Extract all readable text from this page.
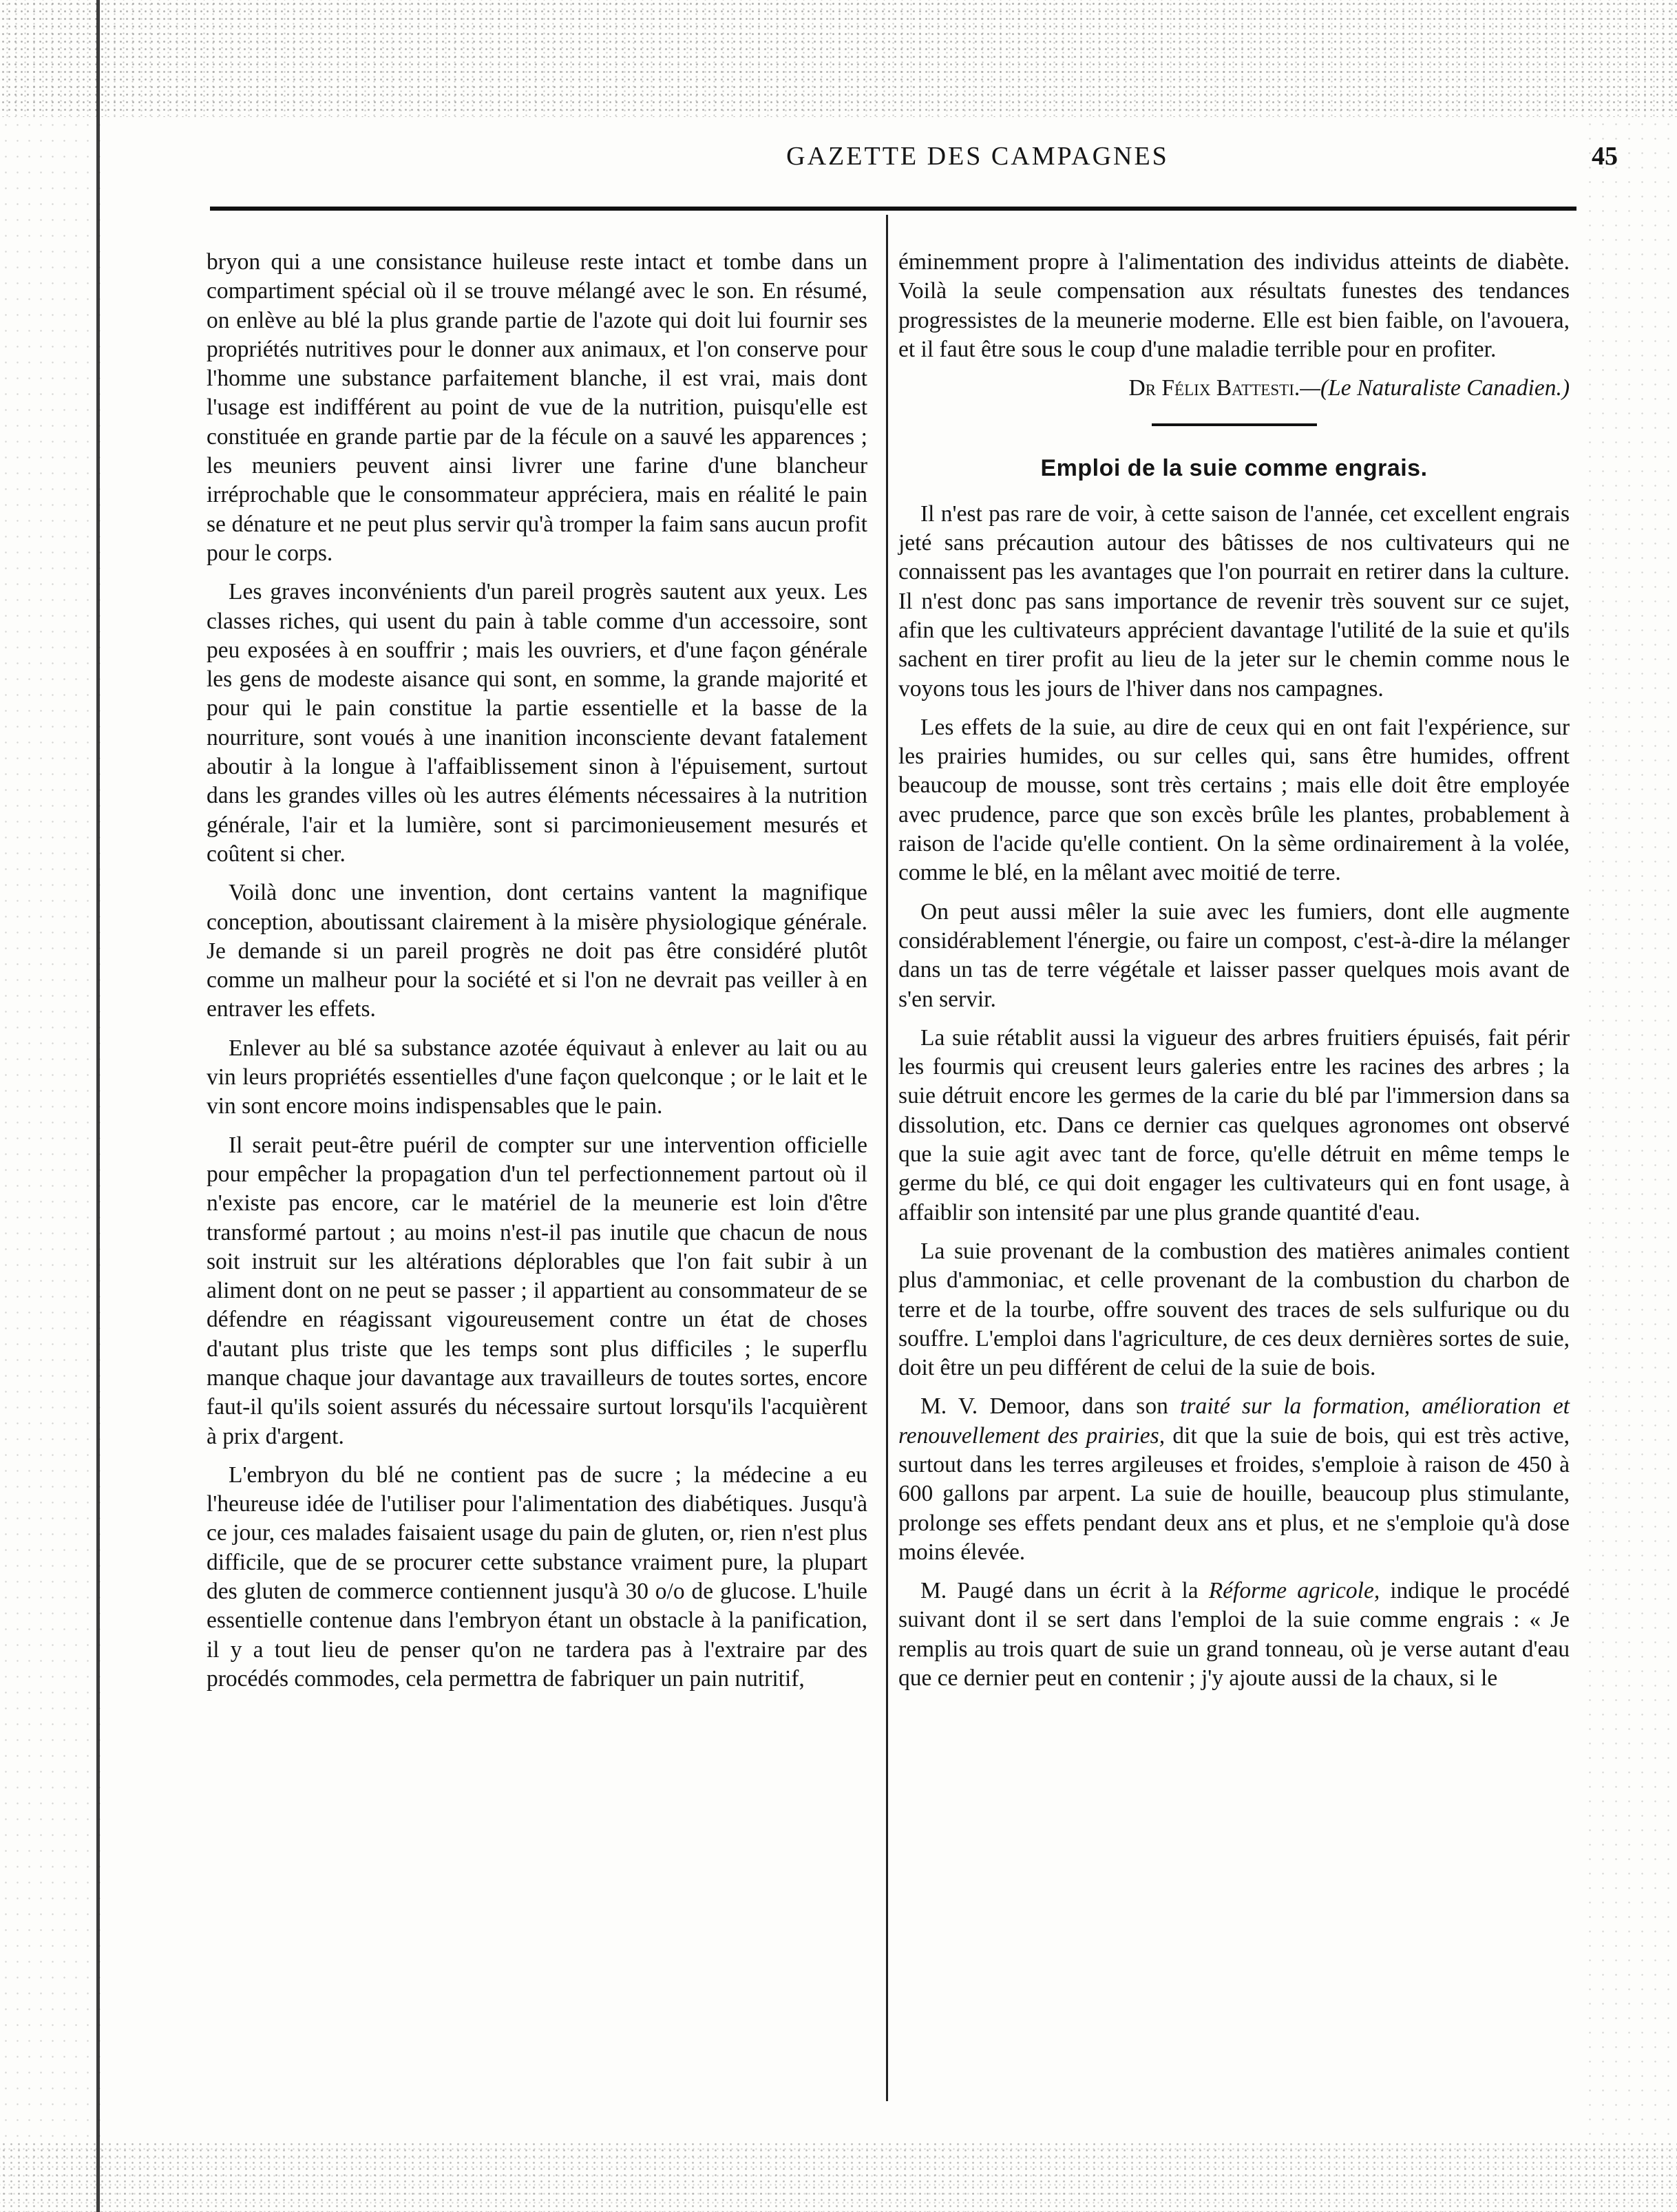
GAZETTE DES CAMPAGNES	45

bryon qui a une consistance huileuse reste intact et tombe dans un compartiment spécial où il se trouve mélangé avec le son. En résumé, on enlève au blé la plus grande partie de l'azote qui doit lui fournir ses propriétés nutritives pour le donner aux animaux, et l'on conserve pour l'homme une substance parfaitement blanche, il est vrai, mais dont l'usage est indifférent au point de vue de la nutrition, puisqu'elle est constituée en grande partie par de la fécule on a sauvé les apparences ; les meuniers peuvent ainsi livrer une farine d'une blancheur irréprochable que le consommateur appréciera, mais en réalité le pain se dénature et ne peut plus servir qu'à tromper la faim sans aucun profit pour le corps.

Les graves inconvénients d'un pareil progrès sautent aux yeux. Les classes riches, qui usent du pain à table comme d'un accessoire, sont peu exposées à en souffrir ; mais les ouvriers, et d'une façon générale les gens de modeste aisance qui sont, en somme, la grande majorité et pour qui le pain constitue la partie essentielle et la basse de la nourriture, sont voués à une inanition inconsciente devant fatalement aboutir à la longue à l'affaiblissement sinon à l'épuisement, surtout dans les grandes villes où les autres éléments nécessaires à la nutrition générale, l'air et la lumière, sont si parcimonieusement mesurés et coûtent si cher.

Voilà donc une invention, dont certains vantent la magnifique conception, aboutissant clairement à la misère physiologique générale. Je demande si un pareil progrès ne doit pas être considéré plutôt comme un malheur pour la société et si l'on ne devrait pas veiller à en entraver les effets.

Enlever au blé sa substance azotée équivaut à enlever au lait ou au vin leurs propriétés essentielles d'une façon quelconque ; or le lait et le vin sont encore moins indispensables que le pain.

Il serait peut-être puéril de compter sur une intervention officielle pour empêcher la propagation d'un tel perfectionnement partout où il n'existe pas encore, car le matériel de la meunerie est loin d'être transformé partout ; au moins n'est-il pas inutile que chacun de nous soit instruit sur les altérations déplorables que l'on fait subir à un aliment dont on ne peut se passer ; il appartient au consommateur de se défendre en réagissant vigoureusement contre un état de choses d'autant plus triste que les temps sont plus difficiles ; le superflu manque chaque jour davantage aux travailleurs de toutes sortes, encore faut-il qu'ils soient assurés du nécessaire surtout lorsqu'ils l'acquièrent à prix d'argent.

L'embryon du blé ne contient pas de sucre ; la médecine a eu l'heureuse idée de l'utiliser pour l'alimentation des diabétiques. Jusqu'à ce jour, ces malades faisaient usage du pain de gluten, or, rien n'est plus difficile, que de se procurer cette substance vraiment pure, la plupart des gluten de commerce contiennent jusqu'à 30 o/o de glucose. L'huile essentielle contenue dans l'embryon étant un obstacle à la panification, il y a tout lieu de penser qu'on ne tardera pas à l'extraire par des procédés commodes, cela permettra de fabriquer un pain nutritif,

éminemment propre à l'alimentation des individus atteints de diabète. Voilà la seule compensation aux résultats funestes des tendances progressistes de la meunerie moderne. Elle est bien faible, on l'avouera, et il faut être sous le coup d'une maladie terrible pour en profiter.

Dr Félix Battesti.—(Le Naturaliste Canadien.)
Emploi de la suie comme engrais.

Il n'est pas rare de voir, à cette saison de l'année, cet excellent engrais jeté sans précaution autour des bâtisses de nos cultivateurs qui ne connaissent pas les avantages que l'on pourrait en retirer dans la culture. Il n'est donc pas sans importance de revenir très souvent sur ce sujet, afin que les cultivateurs apprécient davantage l'utilité de la suie et qu'ils sachent en tirer profit au lieu de la jeter sur le chemin comme nous le voyons tous les jours de l'hiver dans nos campagnes.

Les effets de la suie, au dire de ceux qui en ont fait l'expérience, sur les prairies humides, ou sur celles qui, sans être humides, offrent beaucoup de mousse, sont très certains ; mais elle doit être employée avec prudence, parce que son excès brûle les plantes, probablement à raison de l'acide qu'elle contient. On la sème ordinairement à la volée, comme le blé, en la mêlant avec moitié de terre.

On peut aussi mêler la suie avec les fumiers, dont elle augmente considérablement l'énergie, ou faire un compost, c'est-à-dire la mélanger dans un tas de terre végétale et laisser passer quelques mois avant de s'en servir.

La suie rétablit aussi la vigueur des arbres fruitiers épuisés, fait périr les fourmis qui creusent leurs galeries entre les racines des arbres ; la suie détruit encore les germes de la carie du blé par l'immersion dans sa dissolution, etc. Dans ce dernier cas quelques agronomes ont observé que la suie agit avec tant de force, qu'elle détruit en même temps le germe du blé, ce qui doit engager les cultivateurs qui en font usage, à affaiblir son intensité par une plus grande quantité d'eau.

La suie provenant de la combustion des matières animales contient plus d'ammoniac, et celle provenant de la combustion du charbon de terre et de la tourbe, offre souvent des traces de sels sulfurique ou du souffre. L'emploi dans l'agriculture, de ces deux dernières sortes de suie, doit être un peu différent de celui de la suie de bois.

M. V. Demoor, dans son traité sur la formation, amélioration et renouvellement des prairies, dit que la suie de bois, qui est très active, surtout dans les terres argileuses et froides, s'emploie à raison de 450 à 600 gallons par arpent. La suie de houille, beaucoup plus stimulante, prolonge ses effets pendant deux ans et plus, et ne s'emploie qu'à dose moins élevée.

M. Paugé dans un écrit à la Réforme agricole, indique le procédé suivant dont il se sert dans l'emploi de la suie comme engrais : « Je remplis au trois quart de suie un grand tonneau, où je verse autant d'eau que ce dernier peut en contenir ; j'y ajoute aussi de la chaux, si le
